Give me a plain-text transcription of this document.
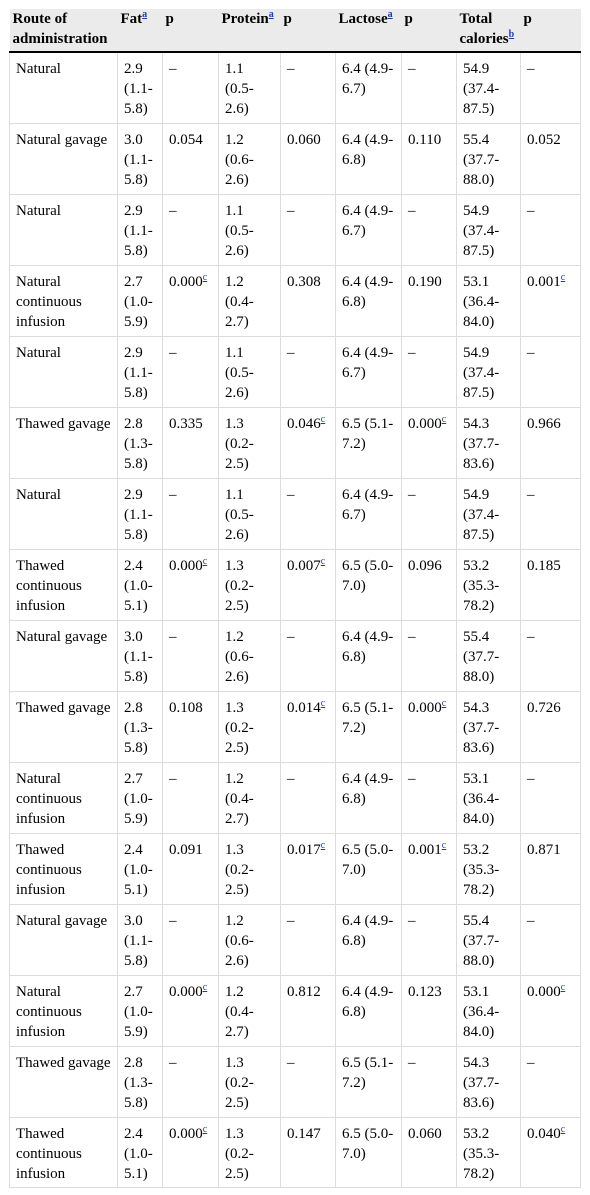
Route of administration	Fat$^a$	p	Protein$^a$	p	Lactose$^a$	p	Total calories$^b$	p
Natural	2.9 (1.1-5.8)	–	1.1 (0.5-2.6)	–	6.4 (4.9-6.7)	–	54.9 (37.4-87.5)	–
Natural gavage	3.0 (1.1-5.8)	0.054	1.2 (0.6-2.6)	0.060	6.4 (4.9-6.8)	0.110	55.4 (37.7-88.0)	0.052
Natural	2.9 (1.1-5.8)	–	1.1 (0.5-2.6)	–	6.4 (4.9-6.7)	–	54.9 (37.4-87.5)	–
Natural continuous infusion	2.7 (1.0-5.9)	0.000$^c$	1.2 (0.4-2.7)	0.308	6.4 (4.9-6.8)	0.190	53.1 (36.4-84.0)	0.001$^c$
Natural	2.9 (1.1-5.8)	–	1.1 (0.5-2.6)	–	6.4 (4.9-6.7)	–	54.9 (37.4-87.5)	–
Thawed gavage	2.8 (1.3-5.8)	0.335	1.3 (0.2-2.5)	0.046$^c$	6.5 (5.1-7.2)	0.000$^c$	54.3 (37.7-83.6)	0.966
Natural	2.9 (1.1-5.8)	–	1.1 (0.5-2.6)	–	6.4 (4.9-6.7)	–	54.9 (37.4-87.5)	–
Thawed continuous infusion	2.4 (1.0-5.1)	0.000$^c$	1.3 (0.2-2.5)	0.007$^c$	6.5 (5.0-7.0)	0.096	53.2 (35.3-78.2)	0.185
Natural gavage	3.0 (1.1-5.8)	–	1.2 (0.6-2.6)	–	6.4 (4.9-6.8)	–	55.4 (37.7-88.0)	–
Thawed gavage	2.8 (1.3-5.8)	0.108	1.3 (0.2-2.5)	0.014$^c$	6.5 (5.1-7.2)	0.000$^c$	54.3 (37.7-83.6)	0.726
Natural continuous infusion	2.7 (1.0-5.9)	–	1.2 (0.4-2.7)	–	6.4 (4.9-6.8)	–	53.1 (36.4-84.0)	–
Thawed continuous infusion	2.4 (1.0-5.1)	0.091	1.3 (0.2-2.5)	0.017$^c$	6.5 (5.0-7.0)	0.001$^c$	53.2 (35.3-78.2)	0.871
Natural gavage	3.0 (1.1-5.8)	–	1.2 (0.6-2.6)	–	6.4 (4.9-6.8)	–	55.4 (37.7-88.0)	–
Natural continuous infusion	2.7 (1.0-5.9)	0.000$^c$	1.2 (0.4-2.7)	0.812	6.4 (4.9-6.8)	0.123	53.1 (36.4-84.0)	0.000$^c$
Thawed gavage	2.8 (1.3-5.8)	–	1.3 (0.2-2.5)	–	6.5 (5.1-7.2)	–	54.3 (37.7-83.6)	–
Thawed continuous infusion	2.4 (1.0-5.1)	0.000$^c$	1.3 (0.2-2.5)	0.147	6.5 (5.0-7.0)	0.060	53.2 (35.3-78.2)	0.040$^c$
